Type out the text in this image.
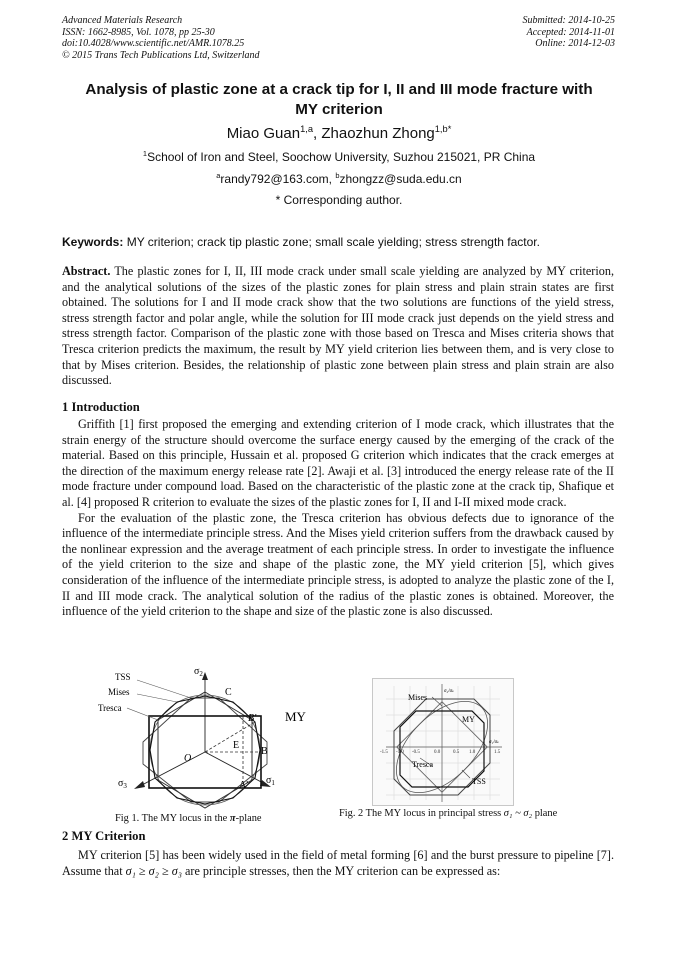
Advanced Materials Research
ISSN: 1662-8985, Vol. 1078, pp 25-30
doi:10.4028/www.scientific.net/AMR.1078.25
© 2015 Trans Tech Publications Ltd, Switzerland
Submitted: 2014-10-25
Accepted: 2014-11-01
Online: 2014-12-03
Analysis of plastic zone at a crack tip for I, II and III mode fracture with
MY criterion
Miao Guan$^{1,a}$, Zhaozhun Zhong$^{1,b*}$
$^1$School of Iron and Steel, Soochow University, Suzhou 215021, PR China
$^a$randy792@163.com, $^b$zhongzz@suda.edu.cn
* Corresponding author.
Keywords: MY criterion; crack tip plastic zone; small scale yielding; stress strength factor.

Abstract. The plastic zones for I, II, III mode crack under small scale yielding are analyzed by MY criterion, and the analytical solutions of the sizes of the plastic zones for plain stress and plain strain states are first obtained. The solutions for I and II mode crack show that the two solutions are functions of the yield stress, stress strength factor and polar angle, while the solution for III mode crack just depends on the yield stress and stress strength factor. Comparison of the plastic zone with those based on Tresca and Mises criteria shows that Tresca criterion predicts the maximum, the result by MY yield criterion lies between them, and is very close to that by Mises criterion. Besides, the relationship of plastic zone between plain stress and plain strain are also discussed.

1 Introduction

Griffith [1] first proposed the emerging and extending criterion of I mode crack, which illustrates that the strain energy of the structure should overcome the surface energy caused by the emerging of the crack of the material. Based on this principle, Hussain et al. proposed G criterion which indicates that the crack emerges at the direction of the maximum energy release rate [2]. Awaji et al. [3] introduced the energy release rate of the II mode fracture under compound load. Based on the characteristic of the plastic zone at the crack tip, Shafique et al. [4] proposed R criterion to evaluate the sizes of the plastic zones for I, II and I-II mixed mode crack.

For the evaluation of the plastic zone, the Tresca criterion has obvious defects due to ignorance of the influence of the intermediate principle stress. And the Mises yield criterion suffers from the drawback caused by the nonlinear expression and the average treatment of each principle stress. In order to investigate the influence of the yield criterion to the size and shape of the plastic zone, the MY yield criterion [5], which gives consideration of the influence of the intermediate principle stress, is adopted to analyze the plastic zone of the I, II and III mode crack. The analytical solution of the radius of the plastic zones is obtained. Moreover, the influence of the yield criterion to the shape and size of the plastic zone is also discussed.

$\sigma_2$
TSS
Mises
Tresca
C
B' MY
E
B
O
A'
$\sigma_3$	$\sigma_1$
Fig 1. The MY locus in the π-plane
-1.5 -1.0 -0.5	0.0	0.5 1.0	1.5
Mises
MY
Tresca
TSS
σ₂/σₛ
σ₁/σₛ
Fig. 2 The MY locus in principal stress σ₁ ~ σ₂ plane
2 MY Criterion

MY criterion [5] has been widely used in the field of metal forming [6] and the burst pressure to pipeline [7]. Assume that σ₁ ≥ σ₂ ≥ σ₃ are principle stresses, then the MY criterion can be expressed as:
